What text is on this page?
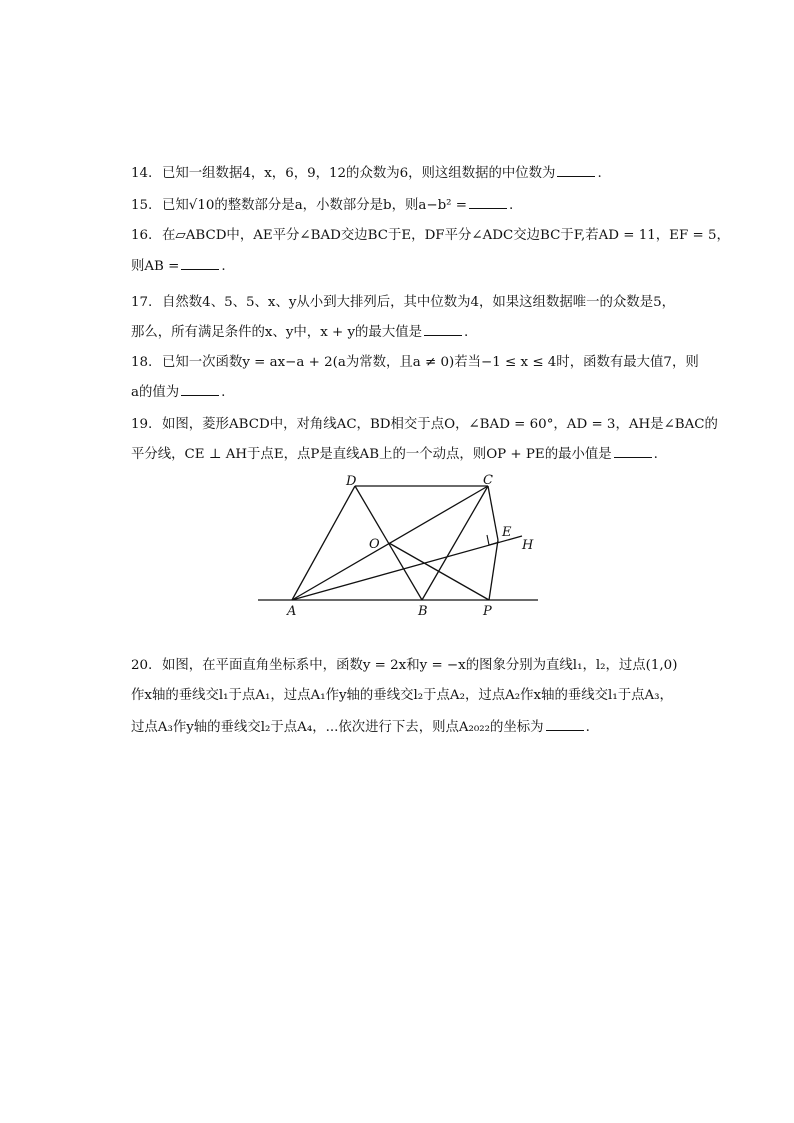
14. 已知一组数据4，x，6，9，12的众数为6，则这组数据的中位数为	.
15. 已知√10的整数部分是a，小数部分是b，则a−b² =	.
16. 在▱ABCD中，AE平分∠BAD交边BC于E，DF平分∠ADC交边BC于F,若AD = 11，EF = 5，
则AB =	.
17. 自然数4、5、5、x、y从小到大排列后，其中位数为4，如果这组数据唯一的众数是5，
那么，所有满足条件的x、y中，x + y的最大值是	.
18. 已知一次函数y = ax−a + 2(a为常数，且a ≠ 0)若当−1 ≤ x ≤ 4时，函数有最大值7，则
a的值为	.
19. 如图，菱形ABCD中，对角线AC，BD相交于点O，∠BAD = 60°，AD = 3，AH是∠BAC的
平分线，CE ⊥ AH于点E，点P是直线AB上的一个动点，则OP + PE的最小值是	.
D	C
O
E
H
A	B	P
20. 如图，在平面直角坐标系中，函数y = 2x和y = −x的图象分别为直线l₁，l₂，过点(1,0)
作x轴的垂线交l₁于点A₁，过点A₁作y轴的垂线交l₂于点A₂，过点A₂作x轴的垂线交l₁于点A₃，
过点A₃作y轴的垂线交l₂于点A₄，...依次进行下去，则点A₂₀₂₂的坐标为	.
